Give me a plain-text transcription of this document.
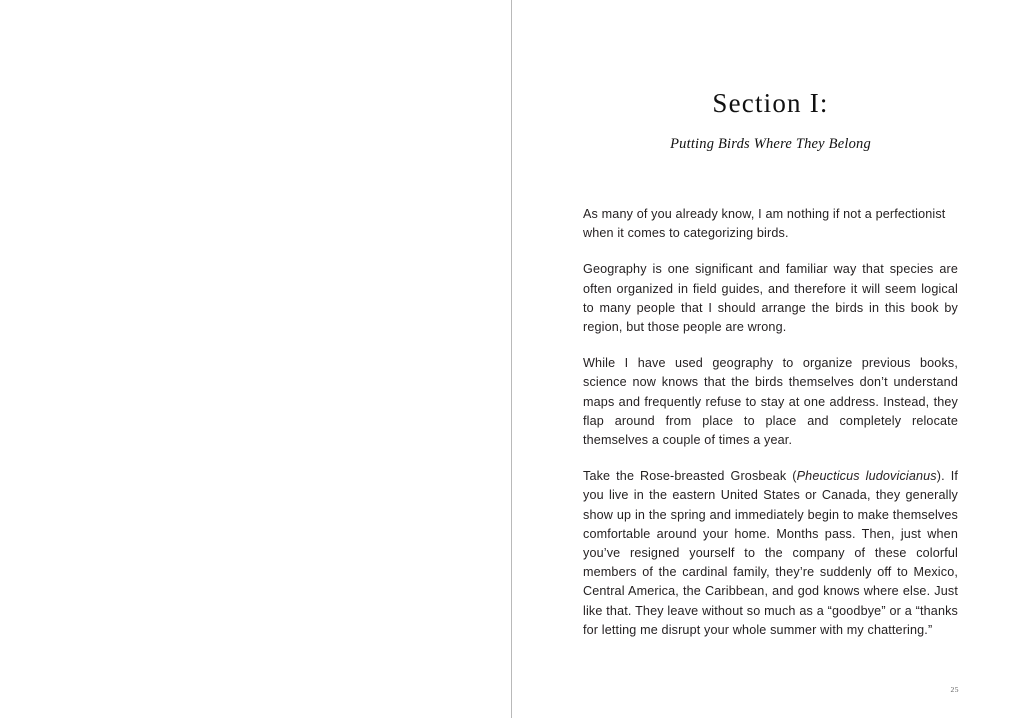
Section I:

Putting Birds Where They Belong

As many of you already know, I am nothing if not a perfectionist when it comes to categorizing birds.

Geography is one significant and familiar way that species are often organized in field guides, and therefore it will seem logical to many people that I should arrange the birds in this book by region, but those people are wrong.

While I have used geography to organize previous books, science now knows that the birds themselves don’t understand maps and frequently refuse to stay at one address. Instead, they flap around from place to place and completely relocate themselves a couple of times a year.

Take the Rose-breasted Grosbeak (Pheucticus ludovicianus). If you live in the eastern United States or Canada, they generally show up in the spring and immediately begin to make themselves comfortable around your home. Months pass. Then, just when you’ve resigned yourself to the company of these colorful members of the cardinal family, they’re suddenly off to Mexico, Central America, the Caribbean, and god knows where else. Just like that. They leave without so much as a “goodbye” or a “thanks for letting me disrupt your whole summer with my chattering.”

25
